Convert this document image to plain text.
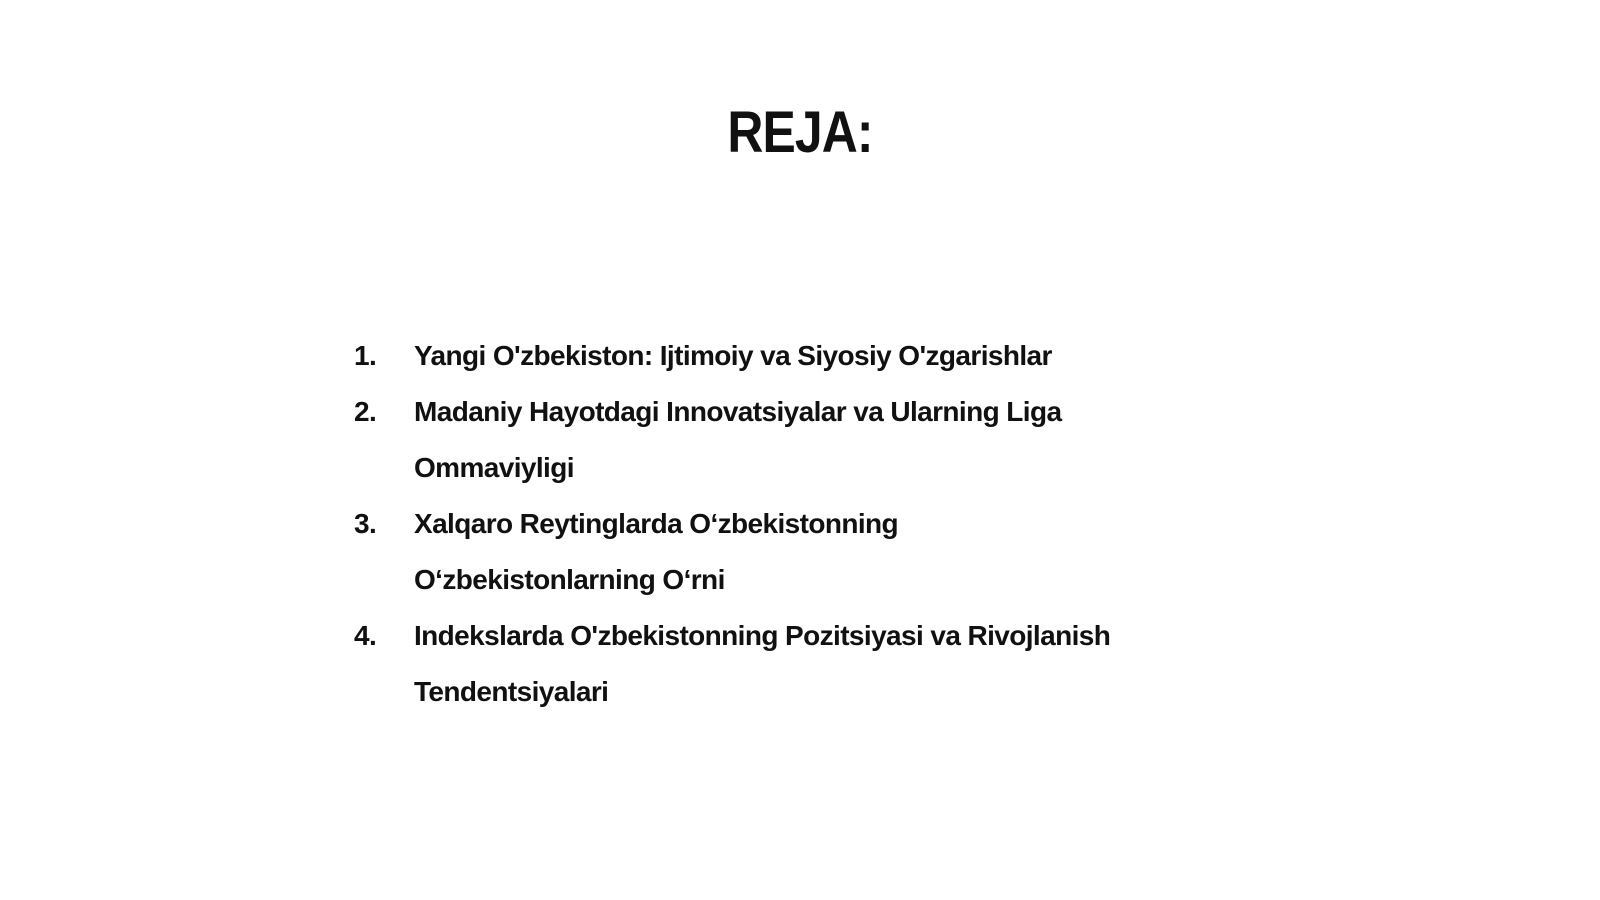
REJA:
1.	Yangi O'zbekiston: Ijtimoiy va Siyosiy O'zgarishlar
2.	Madaniy Hayotdagi Innovatsiyalar va Ularning Liga Ommaviyligi
3.	Xalqaro Reytinglarda O‘zbekistonning O‘zbekistonlarning O‘rni
4.	Indekslarda O'zbekistonning Pozitsiyasi va Rivojlanish Tendentsiyalari
